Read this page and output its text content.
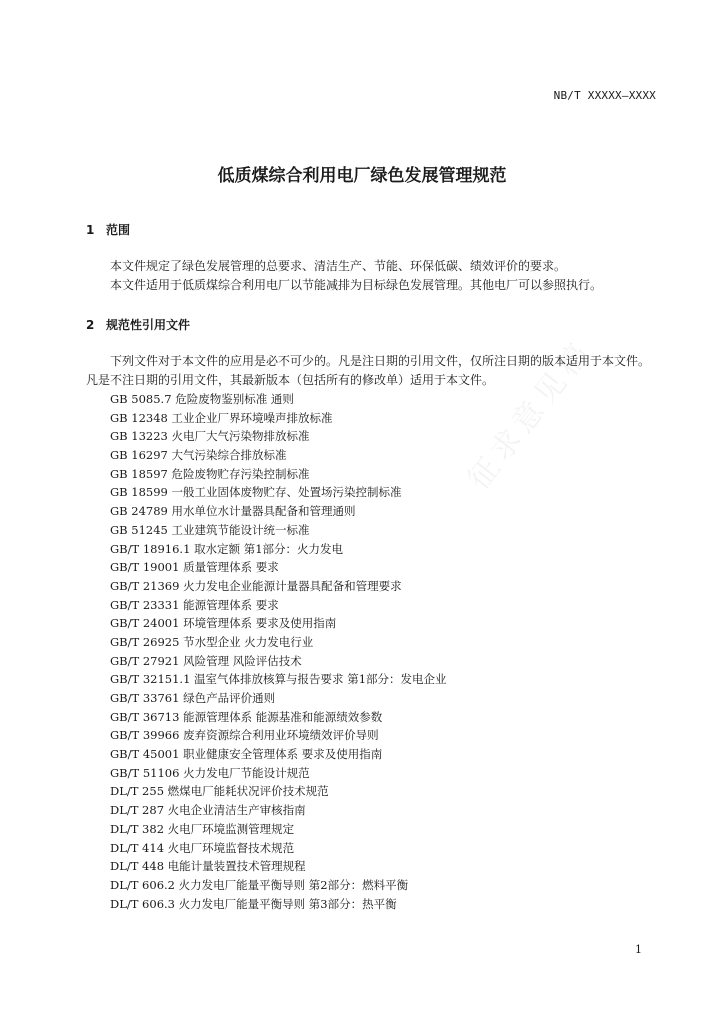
NB/T XXXXX—XXXX
低质煤综合利用电厂绿色发展管理规范
1 范围

本文件规定了绿色发展管理的总要求、清洁生产、节能、环保低碳、绩效评价的要求。

本文件适用于低质煤综合利用电厂以节能减排为目标绿色发展管理。其他电厂可以参照执行。

2 规范性引用文件

下列文件对于本文件的应用是必不可少的。凡是注日期的引用文件，仅所注日期的版本适用于本文件。凡是不注日期的引用文件，其最新版本（包括所有的修改单）适用于本文件。

GB 5085.7 危险废物鉴别标准 通则
GB 12348 工业企业厂界环境噪声排放标准
GB 13223 火电厂大气污染物排放标准
GB 16297 大气污染综合排放标准
GB 18597 危险废物贮存污染控制标准
GB 18599 一般工业固体废物贮存、处置场污染控制标准
GB 24789 用水单位水计量器具配备和管理通则
GB 51245 工业建筑节能设计统一标准
GB/T 18916.1 取水定额 第1部分：火力发电
GB/T 19001 质量管理体系 要求
GB/T 21369 火力发电企业能源计量器具配备和管理要求
GB/T 23331 能源管理体系 要求
GB/T 24001 环境管理体系 要求及使用指南
GB/T 26925 节水型企业 火力发电行业
GB/T 27921 风险管理 风险评估技术
GB/T 32151.1 温室气体排放核算与报告要求 第1部分：发电企业
GB/T 33761 绿色产品评价通则
GB/T 36713 能源管理体系 能源基准和能源绩效参数
GB/T 39966 废弃资源综合利用业环境绩效评价导则
GB/T 45001 职业健康安全管理体系 要求及使用指南
GB/T 51106 火力发电厂节能设计规范
DL/T 255 燃煤电厂能耗状况评价技术规范
DL/T 287 火电企业清洁生产审核指南
DL/T 382 火电厂环境监测管理规定
DL/T 414 火电厂环境监督技术规范
DL/T 448 电能计量装置技术管理规程
DL/T 606.2 火力发电厂能量平衡导则 第2部分：燃料平衡
DL/T 606.3 火力发电厂能量平衡导则 第3部分：热平衡
1
